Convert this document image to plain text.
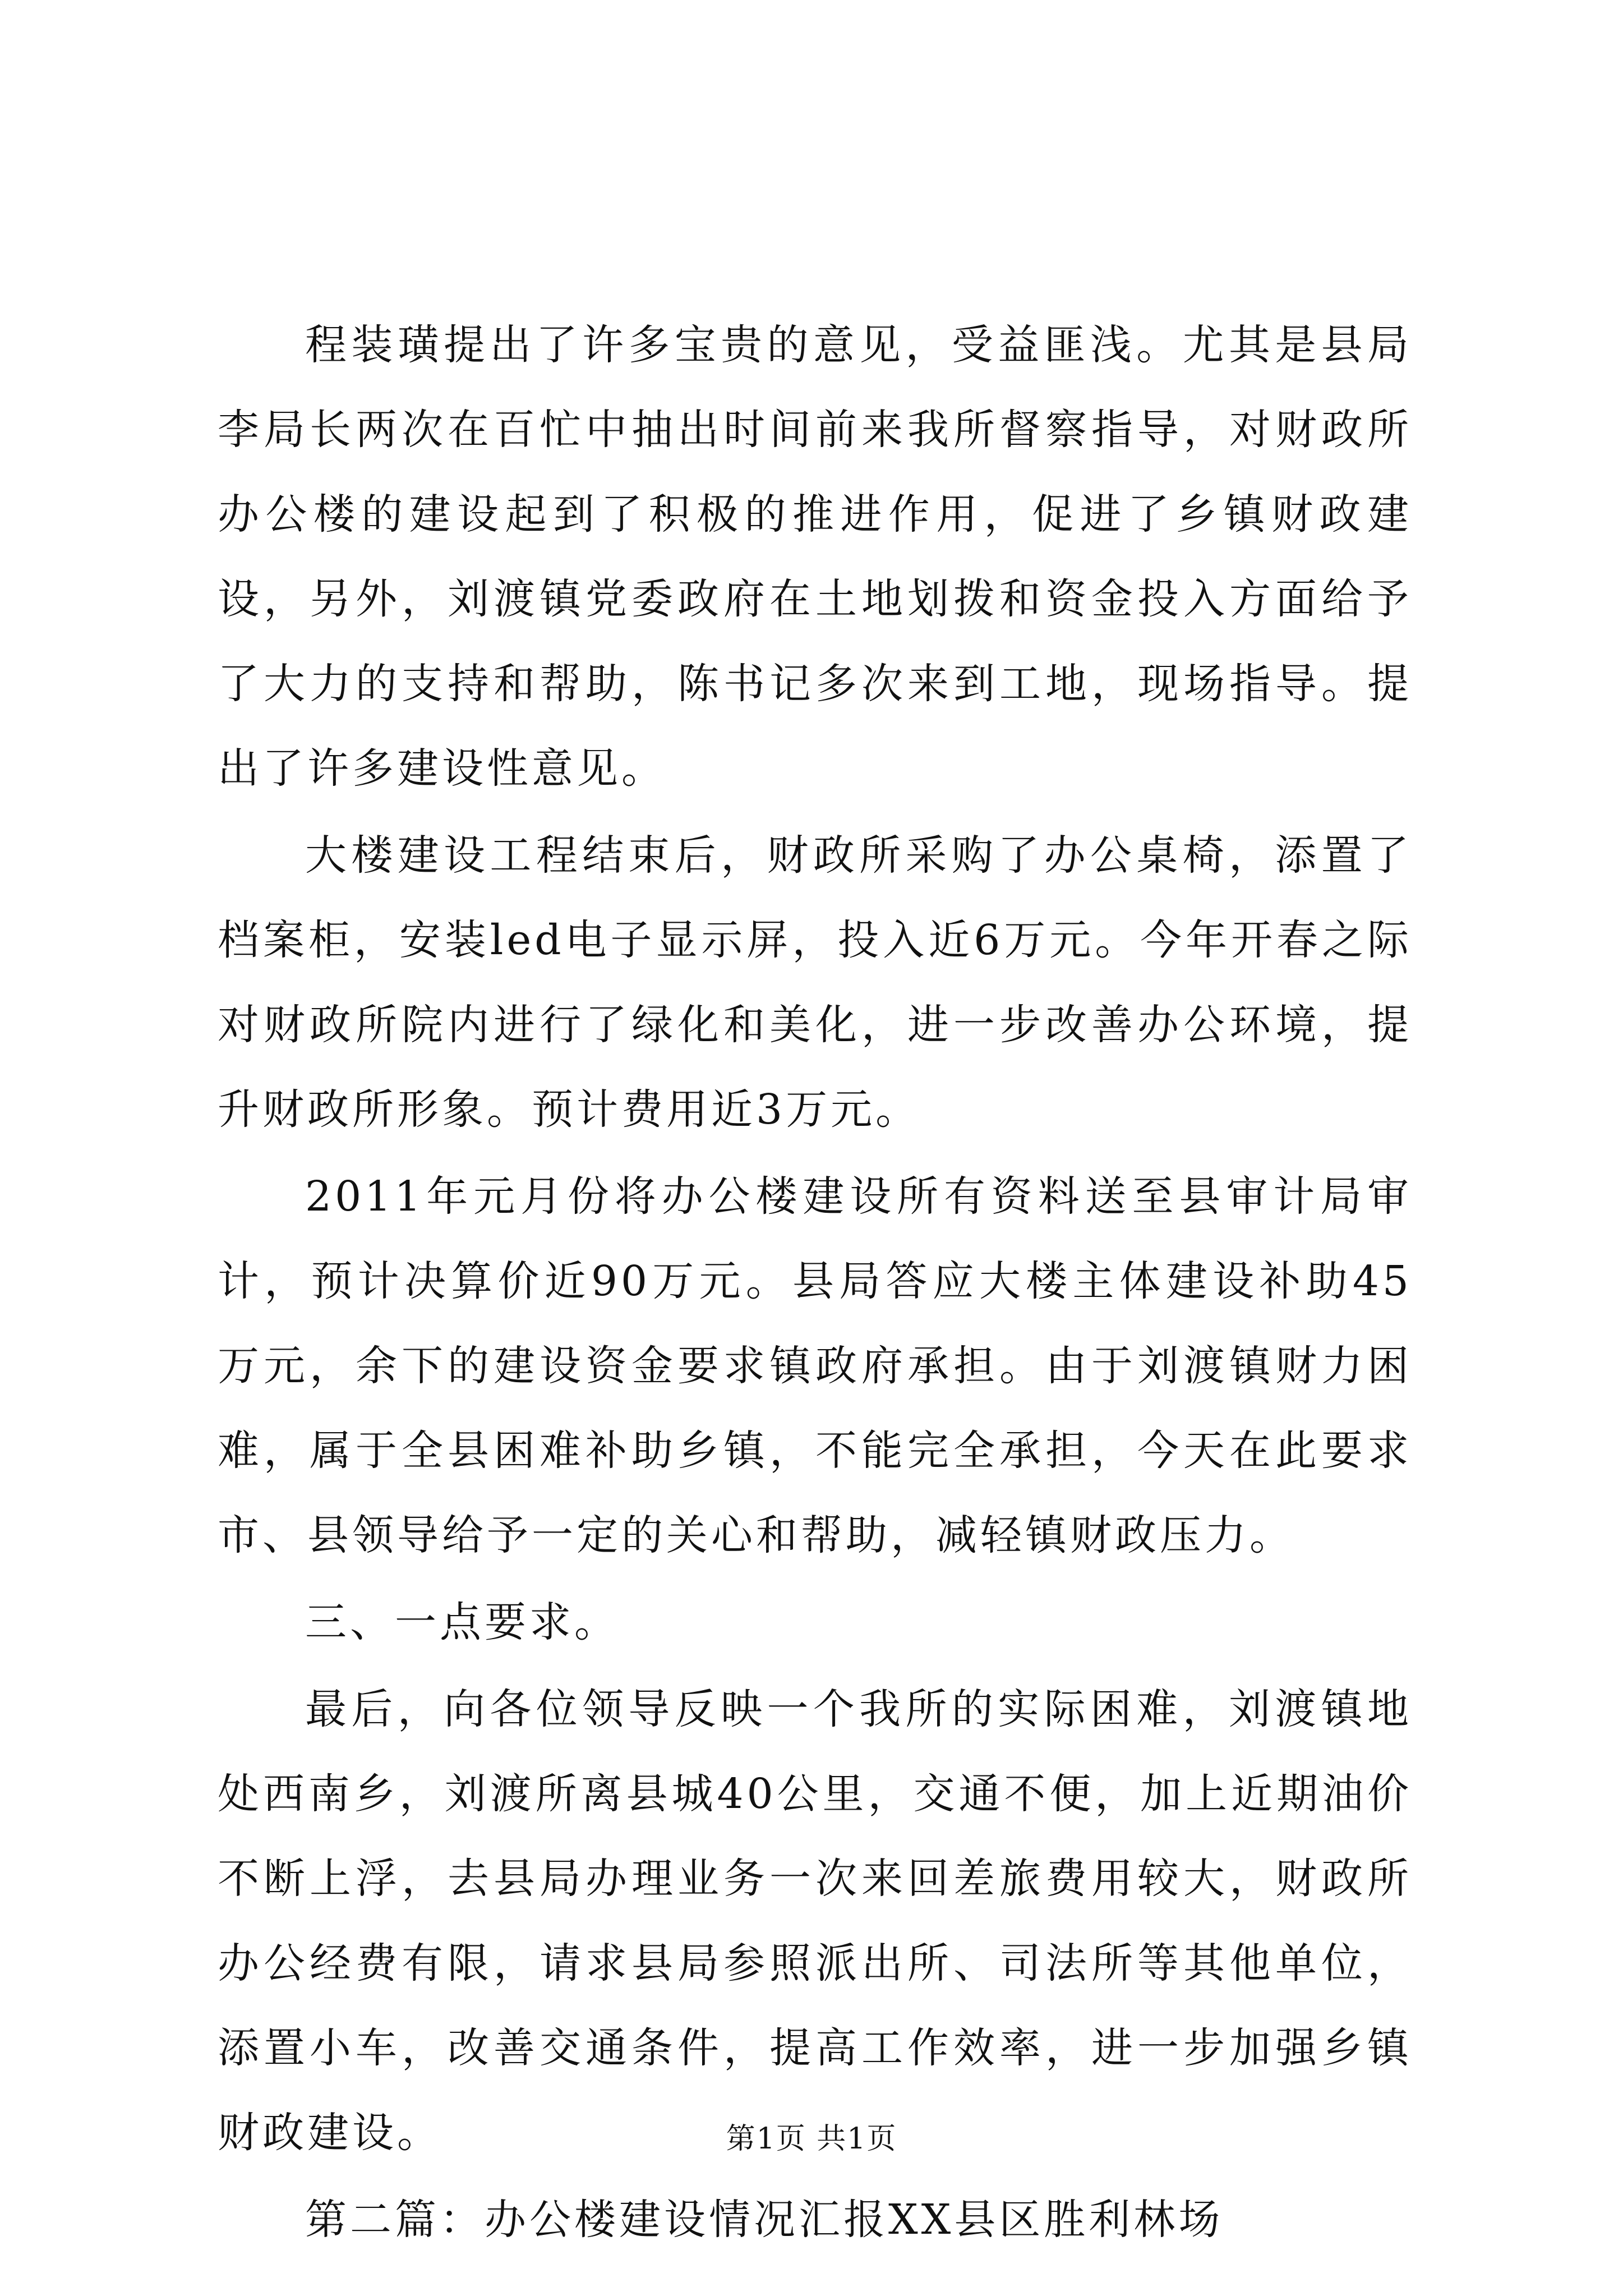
程装璜提出了许多宝贵的意见，受益匪浅。尤其是县局李局长两次在百忙中抽出时间前来我所督察指导，对财政所办公楼的建设起到了积极的推进作用，促进了乡镇财政建设，另外，刘渡镇党委政府在土地划拨和资金投入方面给予了大力的支持和帮助，陈书记多次来到工地，现场指导。提出了许多建设性意见。

大楼建设工程结束后，财政所采购了办公桌椅，添置了档案柜，安装led电子显示屏，投入近6万元。今年开春之际对财政所院内进行了绿化和美化，进一步改善办公环境，提升财政所形象。预计费用近3万元。

2011年元月份将办公楼建设所有资料送至县审计局审计，预计决算价近90万元。县局答应大楼主体建设补助45万元，余下的建设资金要求镇政府承担。由于刘渡镇财力困难，属于全县困难补助乡镇，不能完全承担，今天在此要求市、县领导给予一定的关心和帮助，减轻镇财政压力。

三、一点要求。

最后，向各位领导反映一个我所的实际困难，刘渡镇地处西南乡，刘渡所离县城40公里，交通不便，加上近期油价不断上浮，去县局办理业务一次来回差旅费用较大，财政所办公经费有限，请求县局参照派出所、司法所等其他单位，添置小车，改善交通条件，提高工作效率，进一步加强乡镇财政建设。

第二篇：办公楼建设情况汇报XX县区胜利林场

第1页 共1页
